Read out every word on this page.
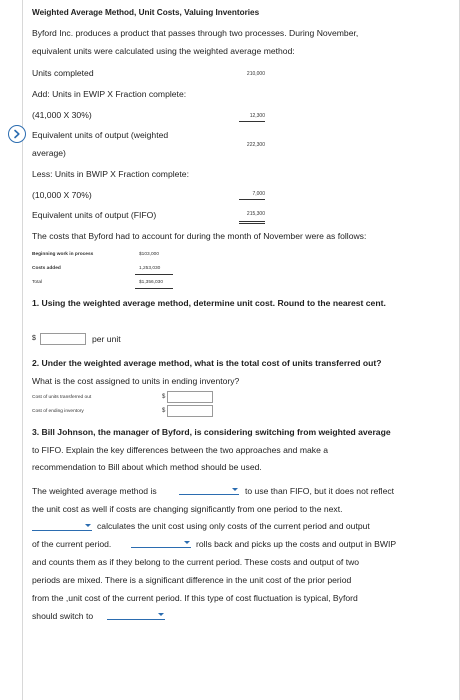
Weighted Average Method, Unit Costs, Valuing Inventories
Byford Inc. produces a product that passes through two processes. During November,
equivalent units were calculated using the weighted average method:
Units completed	210,000
Add: Units in EWIP X Fraction complete:
(41,000 X 30%)	12,300
Equivalent units of output (weighted
222,300
average)
Less: Units in BWIP X Fraction complete:
(10,000 X 70%)	7,000
Equivalent units of output (FIFO)	215,300
The costs that Byford had to account for during the month of November were as follows:
Beginning work in process	$103,000
Costs added	1,253,030
Total	$1,356,030
1. Using the weighted average method, determine unit cost. Round to the nearest cent.
$	per unit
2. Under the weighted average method, what is the total cost of units transferred out?
What is the cost assigned to units in ending inventory?
Cost of units transferred out	$
Cost of ending inventory	$
3. Bill Johnson, the manager of Byford, is considering switching from weighted average
to FIFO. Explain the key differences between the two approaches and make a
recommendation to Bill about which method should be used.
The weighted average method is	to use than FIFO, but it does not reflect
the unit cost as well if costs are changing significantly from one period to the next.
calculates the unit cost using only costs of the current period and output
of the current period.	rolls back and picks up the costs and output in BWIP
and counts them as if they belong to the current period. These costs and output of two
periods are mixed. There is a significant difference in the unit cost of the prior period
from the ,unit cost of the current period. If this type of cost fluctuation is typical, Byford
should switch to
